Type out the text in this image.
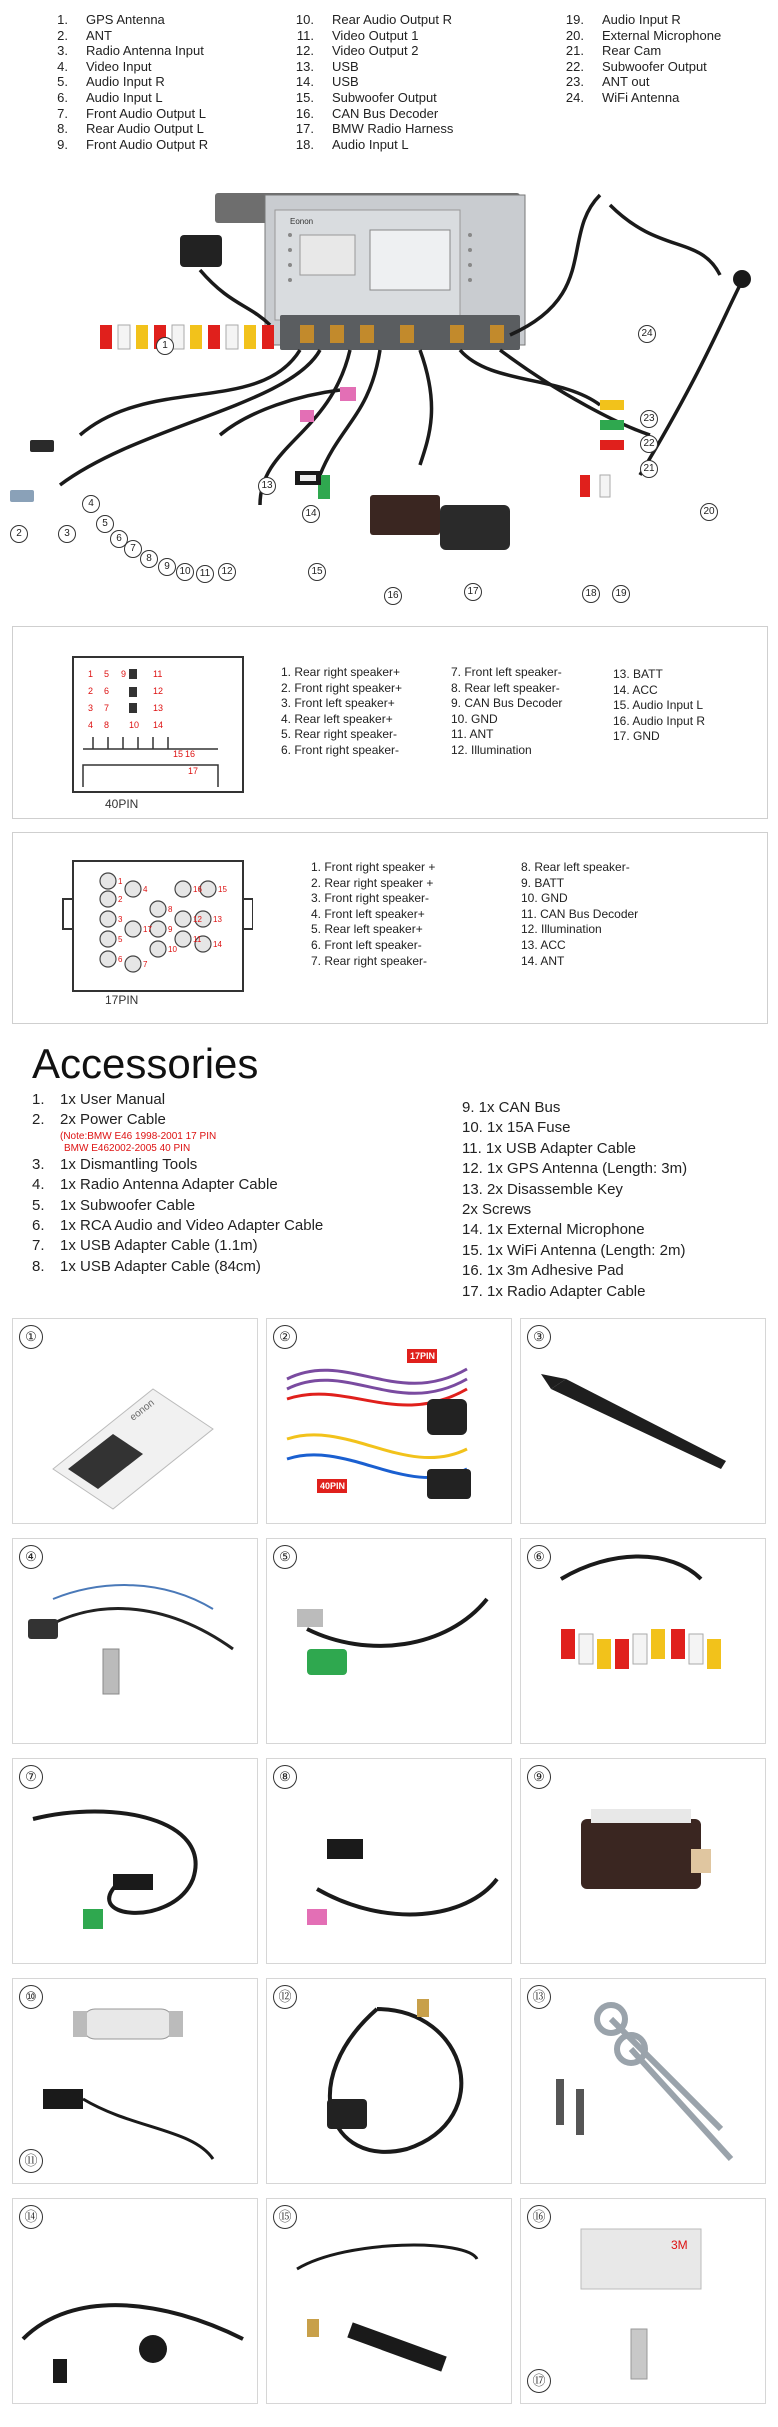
1. GPS Antenna
2. ANT
3. Radio Antenna Input
4. Video Input
5. Audio Input R
6. Audio Input L
7. Front Audio Output L
8. Rear Audio Output L
9. Front Audio Output R
10. Rear Audio Output R
11. Video Output 1
12. Video Output 2
13. USB
14. USB
15. Subwoofer Output
16. CAN Bus Decoder
17. BMW Radio Harness
18. Audio Input L
19. Audio Input R
20. External Microphone
21. Rear Cam
22. Subwoofer Output
23. ANT out
24. WiFi Antenna
Eonon
1
2	3
4
5
6
7
8
9 10 11	12
13
14
15
16	17	18	19
20
21
22
23
24
1 5 9	11
2 6	12
3 7	13
4 8 10 14
15 16
17
40PIN
1. Rear right speaker+
2. Front right speaker+
3. Front left speaker+
4. Rear left speaker+
5. Rear right speaker-
6. Front right speaker-
7. Front left speaker-
8. Rear left speaker-
9. CAN Bus Decoder
10. GND
11. ANT
12. Illumination
13. BATT
14. ACC
15. Audio Input L
16. Audio Input R
17. GND
1
2
3
4
5
6
7
8
9
10
11
12 13
14
15
16
17
17PIN
1. Front right speaker +
2. Rear right speaker +
3. Front right speaker-
4. Front left speaker+
5. Rear left speaker+
6. Front left speaker-
7. Rear right speaker-
8. Rear left speaker-
9. BATT
10. GND
11. CAN Bus Decoder
12. Illumination
13. ACC
14. ANT
Accessories
1.	1x User Manual
2.	2x Power Cable
(Note:BMW E46 1998-2001 17 PIN
BMW E462002-2005 40 PIN
3.	1x Dismantling Tools
4.	1x Radio Antenna Adapter Cable
5.	1x Subwoofer Cable
6.	1x RCA Audio and Video Adapter Cable
7.	1x USB Adapter Cable (1.1m)
8.	1x USB Adapter Cable (84cm)
9. 1x CAN Bus
10. 1x 15A Fuse
11. 1x USB Adapter Cable
12. 1x GPS Antenna (Length: 3m)
13. 2x Disassemble Key
2x Screws
14. 1x External Microphone
15. 1x WiFi Antenna (Length: 2m)
16. 1x 3m Adhesive Pad
17. 1x Radio Adapter Cable
eonon
①
17PIN
40PIN
②	③
④	⑤	⑥
⑦	⑧	⑨
⑩
⑪
⑫	⑬
⑭	⑮
3M
⑯
⑰
